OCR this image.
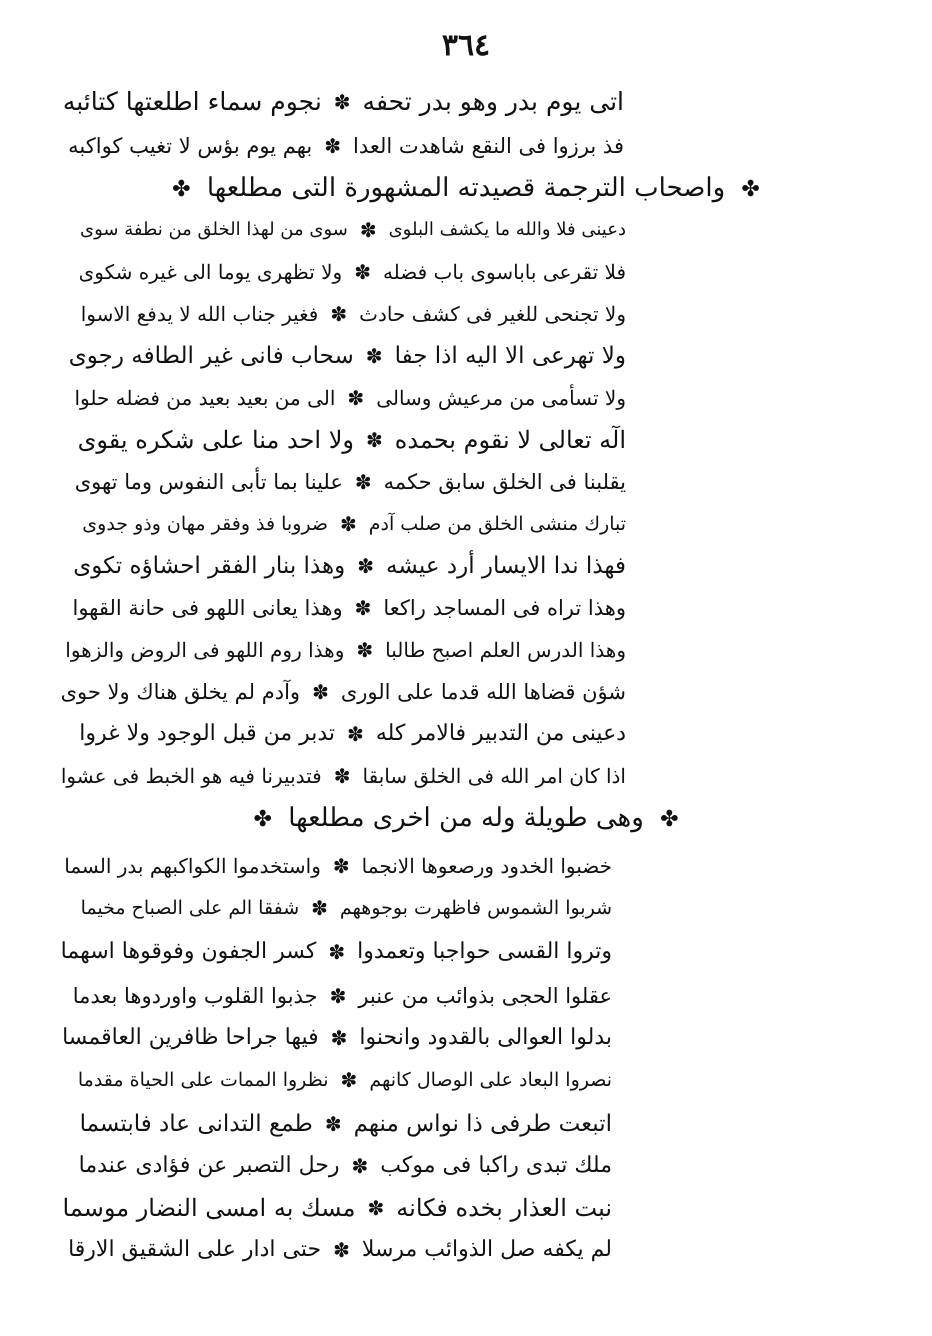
٣٦٤
اتى يوم بدر وهو بدر تحفه
✽
نجوم سماء اطلعتها كتائبه
فذ برزوا فى النقع شاهدت العدا
✽
بهم يوم بؤس لا تغيب كواكبه
✤ واصحاب الترجمة قصيدته المشهورة التى مطلعها ✤
دعينى فلا والله ما يكشف البلوى
✽
سوى من لهذا الخلق من نطفة سوى
فلا تقرعى باباسوى باب فضله
✽
ولا تظهرى يوما الى غيره شكوى
ولا تجنحى للغير فى كشف حادث
✽
فغير جناب الله لا يدفع الاسوا
ولا تهرعى الا اليه اذا جفا
✽
سحاب فانى غير الطافه رجوى
ولا تسأمى من مرعيش وسالى
✽
الى من بعيد بعيد من فضله حلوا
الٓه تعالى لا نقوم بحمده
✽
ولا احد منا على شكره يقوى
يقلبنا فى الخلق سابق حكمه
✽
علينا بما تأبى النفوس وما تهوى
تبارك منشى الخلق من صلب آدم
✽
ضروبا فذ وفقر مهان وذو جدوى
فهذا ندا الايسار أرد عيشه
✽
وهذا بنار الفقر احشاؤه تكوى
وهذا تراه فى المساجد راكعا
✽
وهذا يعانى اللهو فى حانة القهوا
وهذا الدرس العلم اصبح طالبا
✽
وهذا روم اللهو فى الروض والزهوا
شؤن قضاها الله قدما على الورى
✽
وآدم لم يخلق هناك ولا حوى
دعينى من التدبير فالامر كله
✽
تدبر من قبل الوجود ولا غروا
اذا كان امر الله فى الخلق سابقا
✽
فتدبيرنا فيه هو الخبط فى عشوا
✤ وهى طويلة وله من اخرى مطلعها ✤
خضبوا الخدود ورصعوها الانجما
✽
واستخدموا الكواكبهم بدر السما
شربوا الشموس فاظهرت بوجوههم
✽
شفقا الم على الصباح مخيما
وتروا القسى حواجبا وتعمدوا
✽
كسر الجفون وفوقوها اسهما
عقلوا الحجى بذوائب من عنبر
✽
جذبوا القلوب واوردوها بعدما
بدلوا العوالى بالقدود وانحنوا
✽
فيها جراحا ظافرين العاقمسا
نصروا البعاد على الوصال كانهم
✽
نظروا الممات على الحياة مقدما
اتبعت طرفى ذا نواس منهم
✽
طمع التدانى عاد فابتسما
ملك تبدى راكبا فى موكب
✽
رحل التصبر عن فؤادى عندما
نبت العذار بخده فكانه
✽
مسك به امسى النضار موسما
لم يكفه صل الذوائب مرسلا
✽
حتى ادار على الشقيق الارقا
